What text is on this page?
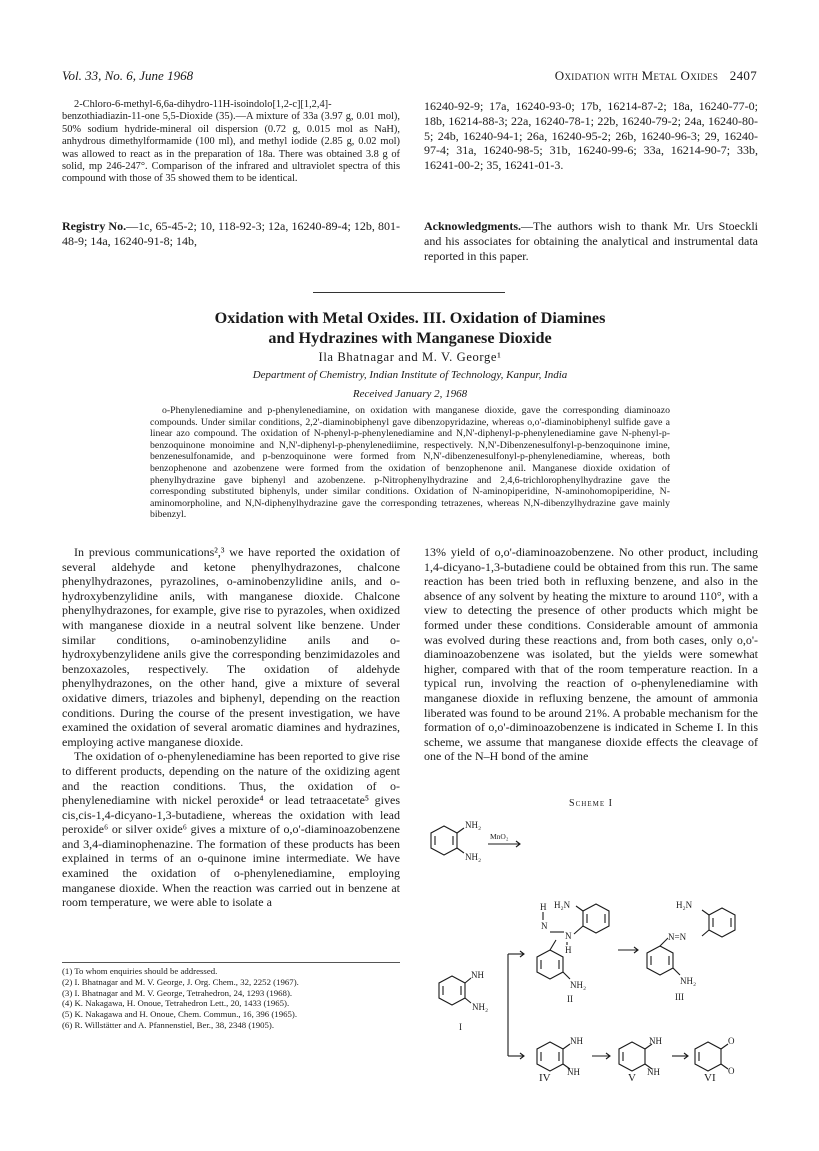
Vol. 33, No. 6, June 1968	Oxidation with Metal Oxides 2407

2-Chloro-6-methyl-6,6a-dihydro-11H-isoindolo[1,2-c][1,2,4]-benzothiadiazin-11-one 5,5-Dioxide (35).—A mixture of 33a (3.97 g, 0.01 mol), 50% sodium hydride-mineral oil dispersion (0.72 g, 0.015 mol as NaH), anhydrous dimethylformamide (100 ml), and methyl iodide (2.85 g, 0.02 mol) was allowed to react as in the preparation of 18a. There was obtained 3.8 g of solid, mp 246-247°. Comparison of the infrared and ultraviolet spectra of this compound with those of 35 showed them to be identical.

Registry No.—1c, 65-45-2; 10, 118-92-3; 12a, 16240-89-4; 12b, 801-48-9; 14a, 16240-91-8; 14b,
16240-92-9; 17a, 16240-93-0; 17b, 16214-87-2; 18a, 16240-77-0; 18b, 16214-88-3; 22a, 16240-78-1; 22b, 16240-79-2; 24a, 16240-80-5; 24b, 16240-94-1; 26a, 16240-95-2; 26b, 16240-96-3; 29, 16240-97-4; 31a, 16240-98-5; 31b, 16240-99-6; 33a, 16214-90-7; 33b, 16241-00-2; 35, 16241-01-3.
Acknowledgments.—The authors wish to thank Mr. Urs Stoeckli and his associates for obtaining the analytical and instrumental data reported in this paper.
Oxidation with Metal Oxides. III. Oxidation of Diamines
and Hydrazines with Manganese Dioxide
Ila Bhatnagar and M. V. George¹
Department of Chemistry, Indian Institute of Technology, Kanpur, India
Received January 2, 1968
o-Phenylenediamine and p-phenylenediamine, on oxidation with manganese dioxide, gave the corresponding diaminoazo compounds. Under similar conditions, 2,2'-diaminobiphenyl gave dibenzopyridazine, whereas o,o'-diaminobiphenyl sulfide gave a linear azo compound. The oxidation of N-phenyl-p-phenylenediamine and N,N'-diphenyl-p-phenylenediamine gave N-phenyl-p-benzoquinone monoimine and N,N'-diphenyl-p-phenylenediimine, respectively. N,N'-Dibenzenesulfonyl-p-benzoquinone imine, benzenesulfonamide, and p-benzoquinone were formed from N,N'-dibenzenesulfonyl-p-phenylenediamine, whereas, both benzophenone and azobenzene were formed from the oxidation of benzophenone anil. Manganese dioxide oxidation of phenylhydrazine gave biphenyl and azobenzene. p-Nitrophenylhydrazine and 2,4,6-trichlorophenylhydrazine gave the corresponding substituted biphenyls, under similar conditions. Oxidation of N-aminopiperidine, N-aminohomopiperidine, N-aminomorpholine, and N,N-diphenylhydrazine gave the corresponding tetrazenes, whereas N,N-dibenzylhydrazine gave mainly bibenzyl.

In previous communications²,³ we have reported the oxidation of several aldehyde and ketone phenylhydrazones, chalcone phenylhydrazones, pyrazolines, o-aminobenzylidine anils, and o-hydroxybenzylidine anils, with manganese dioxide. Chalcone phenylhydrazones, for example, give rise to pyrazoles, when oxidized with manganese dioxide in a neutral solvent like benzene. Under similar conditions, o-aminobenzylidine anils and o-hydroxybenzylidene anils give the corresponding benzimidazoles and benzoxazoles, respectively. The oxidation of aldehyde phenylhydrazones, on the other hand, give a mixture of several oxidative dimers, triazoles and biphenyl, depending on the reaction conditions. During the course of the present investigation, we have examined the oxidation of several aromatic diamines and hydrazines, employing active manganese dioxide.

The oxidation of o-phenylenediamine has been reported to give rise to different products, depending on the nature of the oxidizing agent and the reaction conditions. Thus, the oxidation of o-phenylenediamine with nickel peroxide⁴ or lead tetraacetate⁵ gives cis,cis-1,4-dicyano-1,3-butadiene, whereas the oxidation with lead peroxide⁶ or silver oxide⁶ gives a mixture of o,o'-diaminoazobenzene and 3,4-diaminophenazine. The formation of these products has been explained in terms of an o-quinone imine intermediate. We have examined the oxidation of o-phenylenediamine, employing manganese dioxide. When the reaction was carried out in benzene at room temperature, we were able to isolate a

13% yield of o,o'-diaminoazobenzene. No other product, including 1,4-dicyano-1,3-butadiene could be obtained from this run. The same reaction has been tried both in refluxing benzene, and also in the absence of any solvent by heating the mixture to around 110°, with a view to detecting the presence of other products which might be formed under these conditions. Considerable amount of ammonia was evolved during these reactions and, from both cases, only o,o'-diaminoazobenzene was isolated, but the yields were somewhat higher, compared with that of the room temperature reaction. In a typical run, involving the reaction of o-phenylenediamine with manganese dioxide in refluxing benzene, the amount of ammonia liberated was found to be around 21%. A probable mechanism for the formation of o,o'-diminoazobenzene is indicated in Scheme I. In this scheme, we assume that manganese dioxide effects the cleavage of one of the N–H bond of the amine

(1) To whom enquiries should be addressed.
(2) I. Bhatnagar and M. V. George, J. Org. Chem., 32, 2252 (1967).
(3) I. Bhatnagar and M. V. George, Tetrahedron, 24, 1293 (1968).
(4) K. Nakagawa, H. Onoue, Tetrahedron Lett., 20, 1433 (1965).
(5) K. Nakagawa and H. Onoue, Chem. Commun., 16, 396 (1965).
(6) R. Willstätter and A. Pfannenstiel, Ber., 38, 2348 (1905).
Scheme I
NH₂
NH₂
MnO₂
NH
NH₂
I
H₂N
H
N
N
H
NH₂
II
H₂N
N=N
NH₂
III
NH
NH
NH
NH
O
O
IV	V	VI
